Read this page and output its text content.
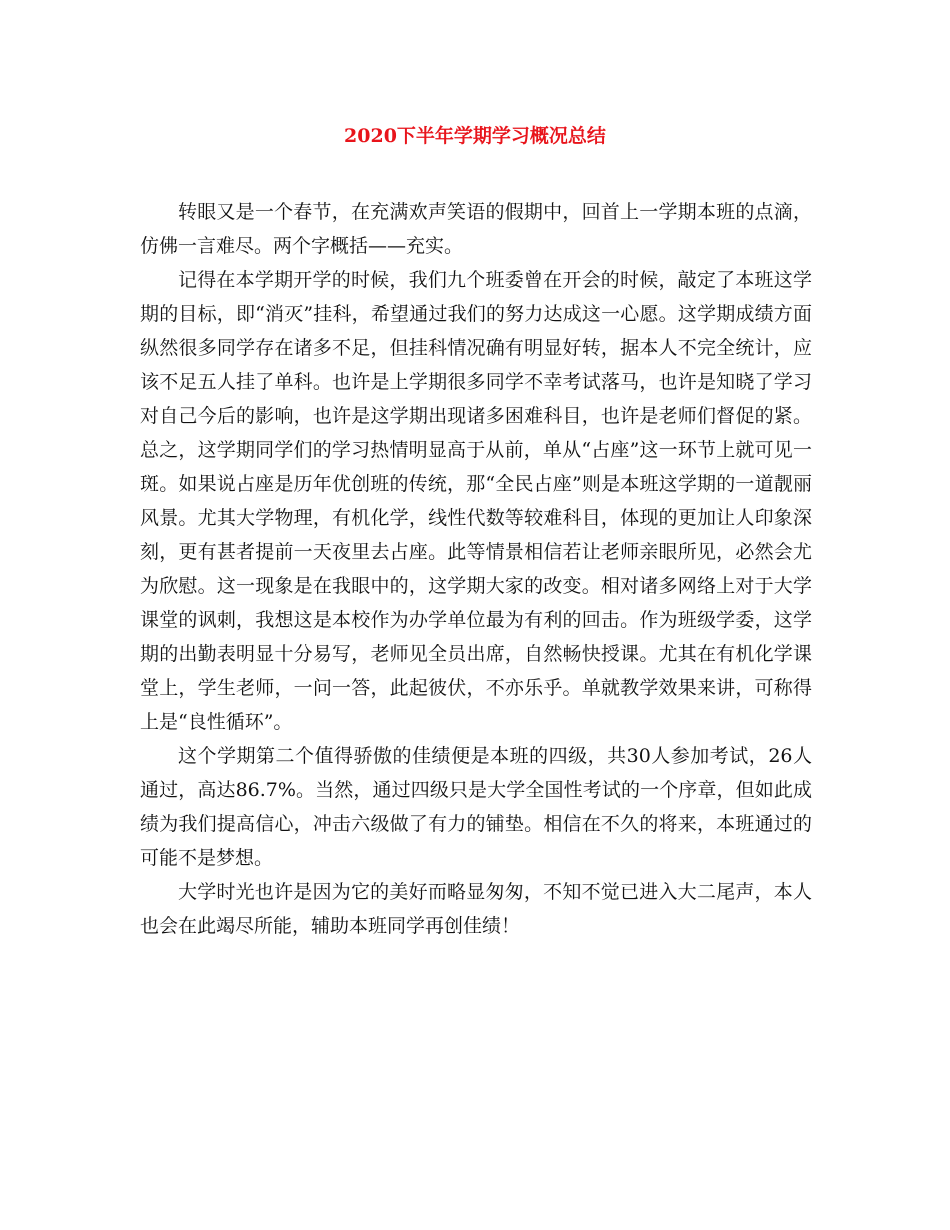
2020下半年学期学习概况总结

转眼又是一个春节，在充满欢声笑语的假期中，回首上一学期本班的点滴，仿佛一言难尽。两个字概括——充实。

记得在本学期开学的时候，我们九个班委曾在开会的时候，敲定了本班这学期的目标，即“消灭”挂科，希望通过我们的努力达成这一心愿。这学期成绩方面纵然很多同学存在诸多不足，但挂科情况确有明显好转，据本人不完全统计，应该不足五人挂了单科。也许是上学期很多同学不幸考试落马，也许是知晓了学习对自己今后的影响，也许是这学期出现诸多困难科目，也许是老师们督促的紧。总之，这学期同学们的学习热情明显高于从前，单从“占座”这一环节上就可见一斑。如果说占座是历年优创班的传统，那“全民占座”则是本班这学期的一道靓丽风景。尤其大学物理，有机化学，线性代数等较难科目，体现的更加让人印象深刻，更有甚者提前一天夜里去占座。此等情景相信若让老师亲眼所见，必然会尤为欣慰。这一现象是在我眼中的，这学期大家的改变。相对诸多网络上对于大学课堂的讽刺，我想这是本校作为办学单位最为有利的回击。作为班级学委，这学期的出勤表明显十分易写，老师见全员出席，自然畅快授课。尤其在有机化学课堂上，学生老师，一问一答，此起彼伏，不亦乐乎。单就教学效果来讲，可称得上是“良性循环”。

这个学期第二个值得骄傲的佳绩便是本班的四级，共30人参加考试，26人通过，高达86.7%。当然，通过四级只是大学全国性考试的一个序章，但如此成绩为我们提高信心，冲击六级做了有力的铺垫。相信在不久的将来，本班通过的可能不是梦想。

大学时光也许是因为它的美好而略显匆匆，不知不觉已进入大二尾声，本人也会在此竭尽所能，辅助本班同学再创佳绩！
